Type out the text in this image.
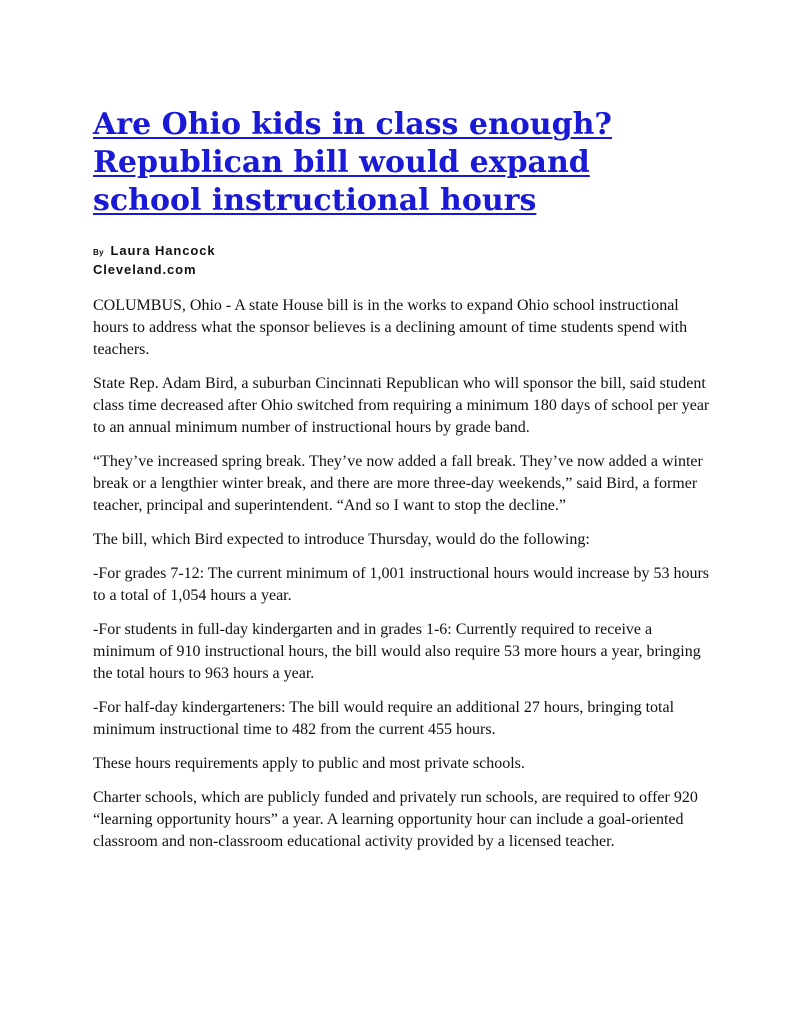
Are Ohio kids in class enough? Republican bill would expand school instructional hours
By Laura Hancock
Cleveland.com

COLUMBUS, Ohio - A state House bill is in the works to expand Ohio school instructional hours to address what the sponsor believes is a declining amount of time students spend with teachers.

State Rep. Adam Bird, a suburban Cincinnati Republican who will sponsor the bill, said student class time decreased after Ohio switched from requiring a minimum 180 days of school per year to an annual minimum number of instructional hours by grade band.

“They’ve increased spring break. They’ve now added a fall break. They’ve now added a winter break or a lengthier winter break, and there are more three-day weekends,” said Bird, a former teacher, principal and superintendent. “And so I want to stop the decline.”

The bill, which Bird expected to introduce Thursday, would do the following:

-For grades 7-12: The current minimum of 1,001 instructional hours would increase by 53 hours to a total of 1,054 hours a year.

-For students in full-day kindergarten and in grades 1-6: Currently required to receive a minimum of 910 instructional hours, the bill would also require 53 more hours a year, bringing the total hours to 963 hours a year.

-For half-day kindergarteners: The bill would require an additional 27 hours, bringing total minimum instructional time to 482 from the current 455 hours.

These hours requirements apply to public and most private schools.

Charter schools, which are publicly funded and privately run schools, are required to offer 920 “learning opportunity hours” a year. A learning opportunity hour can include a goal-oriented classroom and non-classroom educational activity provided by a licensed teacher.
